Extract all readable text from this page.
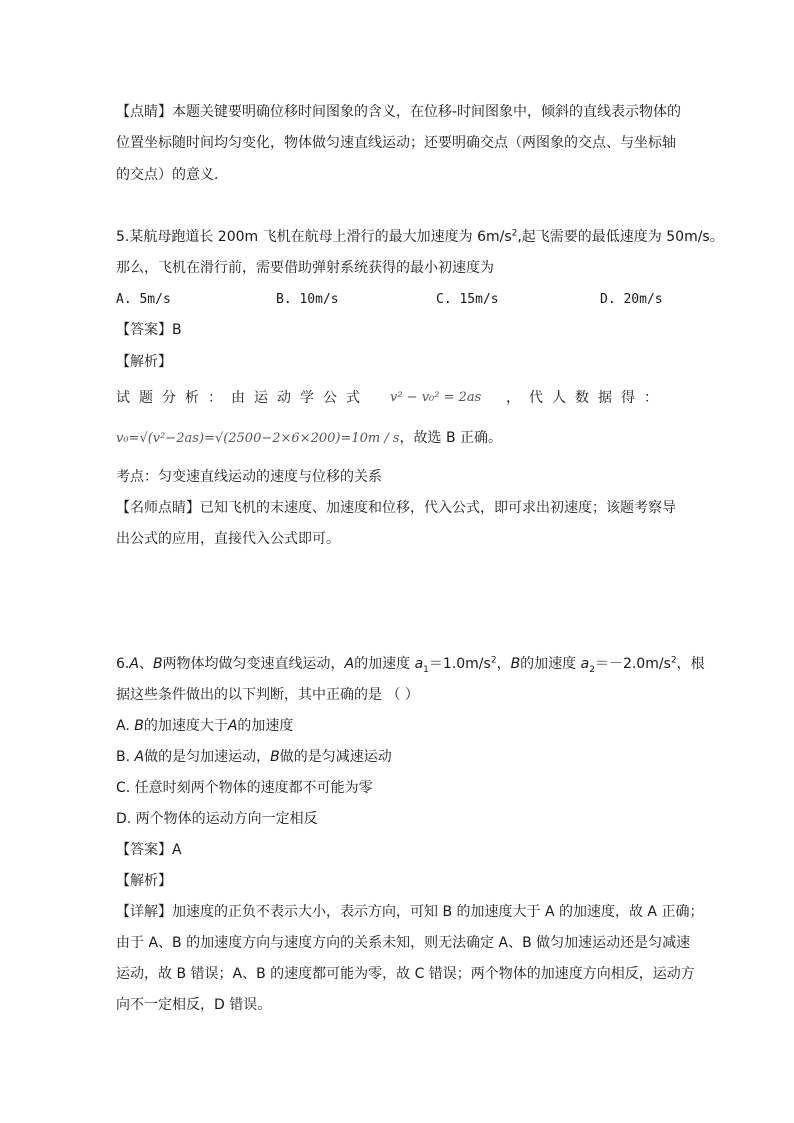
【点睛】本题关键要明确位移时间图象的含义，在位移-时间图象中，倾斜的直线表示物体的
位置坐标随时间均匀变化，物体做匀速直线运动；还要明确交点（两图象的交点、与坐标轴
的交点）的意义．
5.某航母跑道长 200m 飞机在航母上滑行的最大加速度为 $6m/s^2$,起飞需要的最低速度为 50m/s。
那么，飞机在滑行前，需要借助弹射系统获得的最小初速度为
A. 5m/s	B. 10m/s	C. 15m/s	D. 20m/s
【答案】B
【解析】
试题分析：由运动学公式 v² − v₀² = 2as ，代人数据得：
v₀=√(v²−2as)=√(2500−2×6×200)=10m / s，故选 B 正确。
考点：匀变速直线运动的速度与位移的关系
【名师点睛】已知飞机的末速度、加速度和位移，代入公式，即可求出初速度；该题考察导
出公式的应用，直接代入公式即可。
6.A、B两物体均做匀变速直线运动，A的加速度 $a_1=1.0m/s^2$，B的加速度 $a_2=-2.0m/s^2$，根
据这些条件做出的以下判断，其中正确的是 （ ）
A. B的加速度大于A的加速度
B. A做的是匀加速运动，B做的是匀减速运动
C. 任意时刻两个物体的速度都不可能为零
D. 两个物体的运动方向一定相反
【答案】A
【解析】
【详解】加速度的正负不表示大小，表示方向，可知 B 的加速度大于 A 的加速度，故 A 正确；
由于 A、B 的加速度方向与速度方向的关系未知，则无法确定 A、B 做匀加速运动还是匀减速
运动，故 B 错误；A、B 的速度都可能为零，故 C 错误；两个物体的加速度方向相反，运动方
向不一定相反，D 错误。
